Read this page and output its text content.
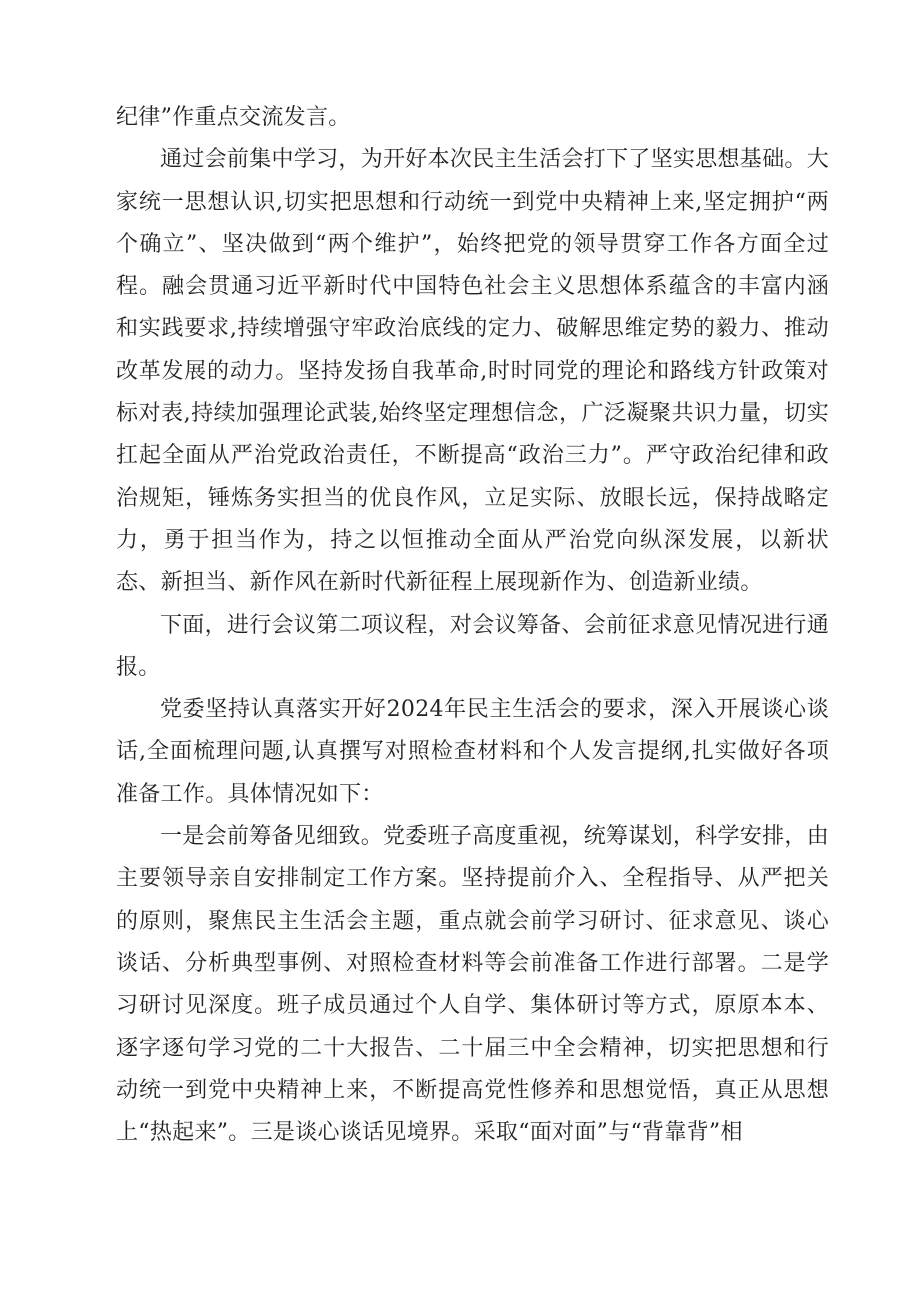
纪律”作重点交流发言。

通过会前集中学习，为开好本次民主生活会打下了坚实思想基础。大家统一思想认识,切实把思想和行动统一到党中央精神上来,坚定拥护“两个确立”、坚决做到“两个维护”，始终把党的领导贯穿工作各方面全过程。融会贯通习近平新时代中国特色社会主义思想体系蕴含的丰富内涵和实践要求,持续增强守牢政治底线的定力、破解思维定势的毅力、推动改革发展的动力。坚持发扬自我革命,时时同党的理论和路线方针政策对标对表,持续加强理论武装,始终坚定理想信念，广泛凝聚共识力量，切实扛起全面从严治党政治责任，不断提高“政治三力”。严守政治纪律和政治规矩，锤炼务实担当的优良作风，立足实际、放眼长远，保持战略定力，勇于担当作为，持之以恒推动全面从严治党向纵深发展，以新状态、新担当、新作风在新时代新征程上展现新作为、创造新业绩。

下面，进行会议第二项议程，对会议筹备、会前征求意见情况进行通报。

党委坚持认真落实开好2024年民主生活会的要求，深入开展谈心谈话,全面梳理问题,认真撰写对照检查材料和个人发言提纲,扎实做好各项准备工作。具体情况如下：

一是会前筹备见细致。党委班子高度重视，统筹谋划，科学安排，由主要领导亲自安排制定工作方案。坚持提前介入、全程指导、从严把关的原则，聚焦民主生活会主题，重点就会前学习研讨、征求意见、谈心谈话、分析典型事例、对照检查材料等会前准备工作进行部署。二是学习研讨见深度。班子成员通过个人自学、集体研讨等方式，原原本本、逐字逐句学习党的二十大报告、二十届三中全会精神，切实把思想和行动统一到党中央精神上来，不断提高党性修养和思想觉悟，真正从思想上“热起来”。三是谈心谈话见境界。采取“面对面”与“背靠背”相
